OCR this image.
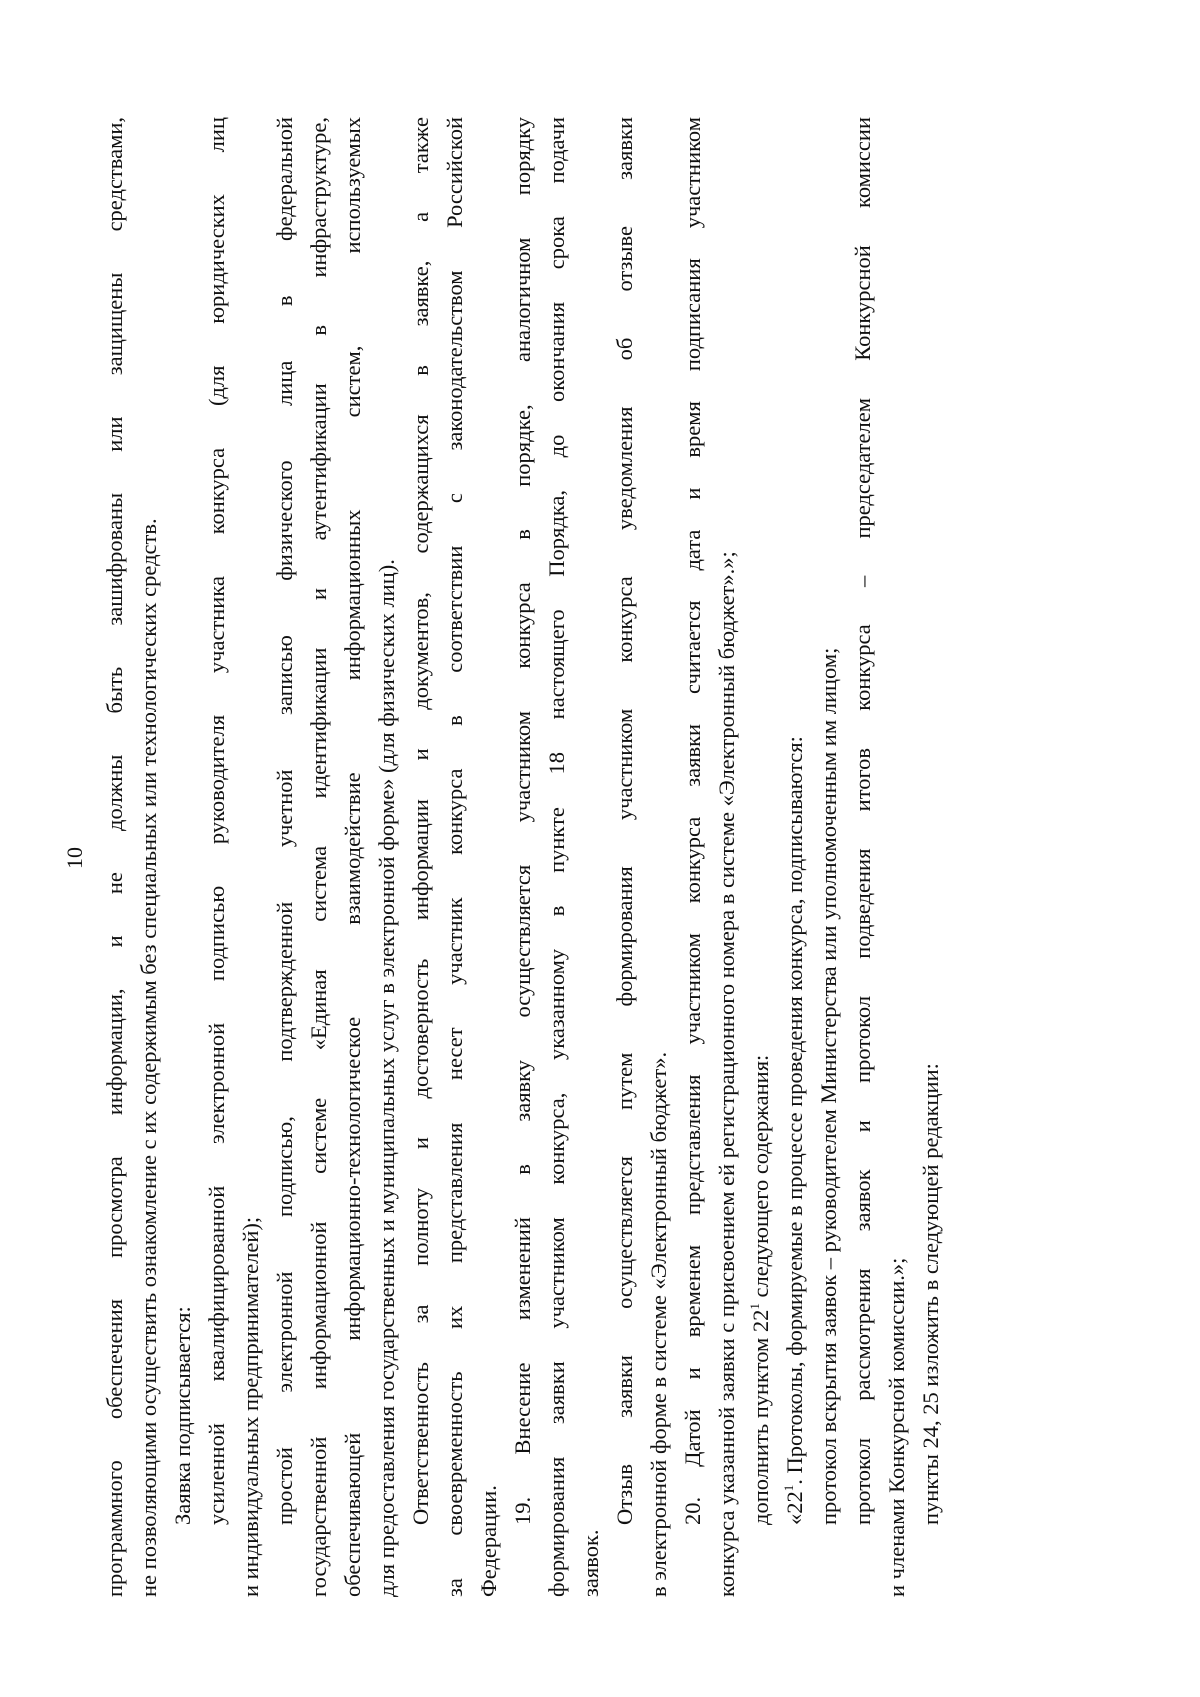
10 программного обеспечения просмотра информации, и не должны быть зашифрованы или защищены средствами, не позволяющими осуществить ознакомление с их содержимым без специальных или технологических средств. Заявка подписывается: усиленной квалифицированной электронной подписью руководителя участника конкурса (для юридических лиц и индивидуальных предпринимателей); простой электронной подписью, подтвержденной учетной записью физического лица в федеральной государственной информационной системе «Единая система идентификации и аутентификации в инфраструктуре, обеспечивающей информационно-технологическое взаимодействие информационных систем, используемых для предоставления государственных и муниципальных услуг в электронной форме» (для физических лиц). Ответственность за полноту и достоверность информации и документов, содержащихся в заявке, а также за своевременность их представления несет участник конкурса в соответствии с законодательством Российской Федерации.
19. Внесение изменений в заявку осуществляется участником конкурса в порядке, аналогичном порядку формирования заявки участником конкурса, указанному в пункте 18 настоящего Порядка, до окончания срока подачи заявок.
Отзыв заявки осуществляется путем формирования участником конкурса уведомления об отзыве заявки в электронной форме в системе «Электронный бюджет». 20. Датой и временем представления участником конкурса заявки считается дата и время подписания участником конкурса указанной заявки с присвоением ей регистрационного номера в системе «Электронный бюджет».»; дополнить пунктом $22^1$ следующего содержания:
«$22^1$. Протоколы, формируемые в процессе проведения конкурса, подписываются: протокол вскрытия заявок – руководителем Министерства или уполномоченным им лицом; протокол рассмотрения заявок и протокол подведения итогов конкурса – председателем Конкурсной комиссии и членами Конкурсной комиссии.»; пункты 24, 25 изложить в следующей редакции:
